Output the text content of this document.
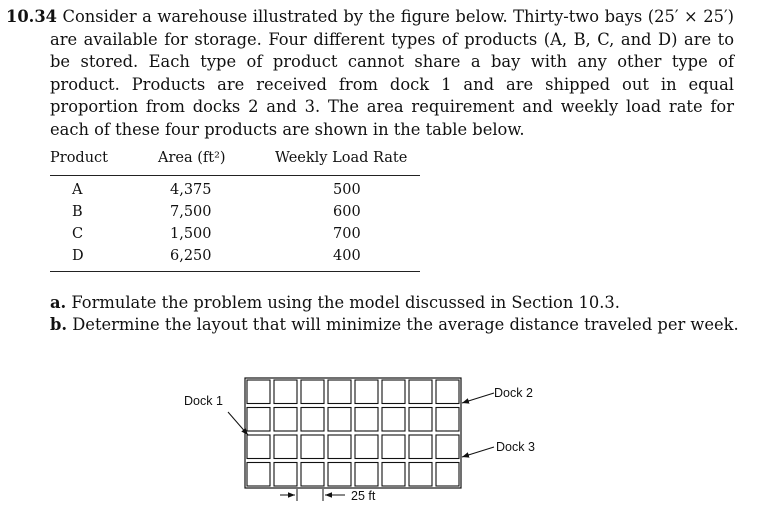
10.34 Consider a warehouse illustrated by the figure below. Thirty-two bays (25′ × 25′) are available for storage. Four different types of products (A, B, C, and D) are to be stored. Each type of product cannot share a bay with any other type of product. Products are received from dock 1 and are shipped out in equal proportion from docks 2 and 3. The area requirement and weekly load rate for each of these four products are shown in the table below.

Product	Area (ft²)	Weekly Load Rate
A	4,375	500
B	7,500	600
C	1,500	700
D	6,250	400
a. Formulate the problem using the model discussed in Section 10.3.
b. Determine the layout that will minimize the average distance traveled per week.
Dock 1
Dock 2
Dock 3
25 ft
